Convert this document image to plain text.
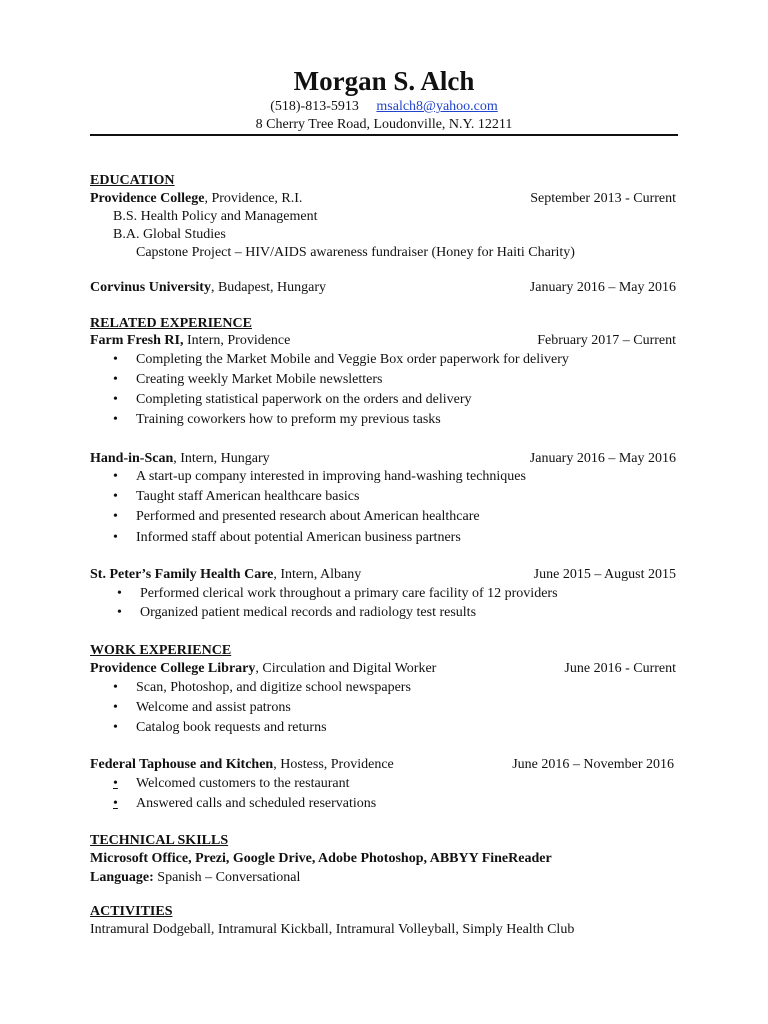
Morgan S. Alch
(518)-813-5913 msalch8@yahoo.com
8 Cherry Tree Road, Loudonville, N.Y. 12211
EDUCATION
Providence College, Providence, R.I.	September 2013 - Current
B.S. Health Policy and Management
B.A. Global Studies
Capstone Project – HIV/AIDS awareness fundraiser (Honey for Haiti Charity)
Corvinus University, Budapest, Hungary	January 2016 – May 2016
RELATED EXPERIENCE
Farm Fresh RI, Intern, Providence	February 2017 – Current
• Completing the Market Mobile and Veggie Box order paperwork for delivery
• Creating weekly Market Mobile newsletters
• Completing statistical paperwork on the orders and delivery
• Training coworkers how to preform my previous tasks
Hand-in-Scan, Intern, Hungary	January 2016 – May 2016
• A start-up company interested in improving hand-washing techniques
• Taught staff American healthcare basics
• Performed and presented research about American healthcare
• Informed staff about potential American business partners
St. Peter’s Family Health Care, Intern, Albany	June 2015 – August 2015
• Performed clerical work throughout a primary care facility of 12 providers
• Organized patient medical records and radiology test results
WORK EXPERIENCE
Providence College Library, Circulation and Digital Worker	June 2016 - Current
• Scan, Photoshop, and digitize school newspapers
• Welcome and assist patrons
• Catalog book requests and returns
Federal Taphouse and Kitchen, Hostess, Providence	June 2016 – November 2016
• Welcomed customers to the restaurant
• Answered calls and scheduled reservations
TECHNICAL SKILLS
Microsoft Office, Prezi, Google Drive, Adobe Photoshop, ABBYY FineReader
Language: Spanish – Conversational
ACTIVITIES
Intramural Dodgeball, Intramural Kickball, Intramural Volleyball, Simply Health Club
